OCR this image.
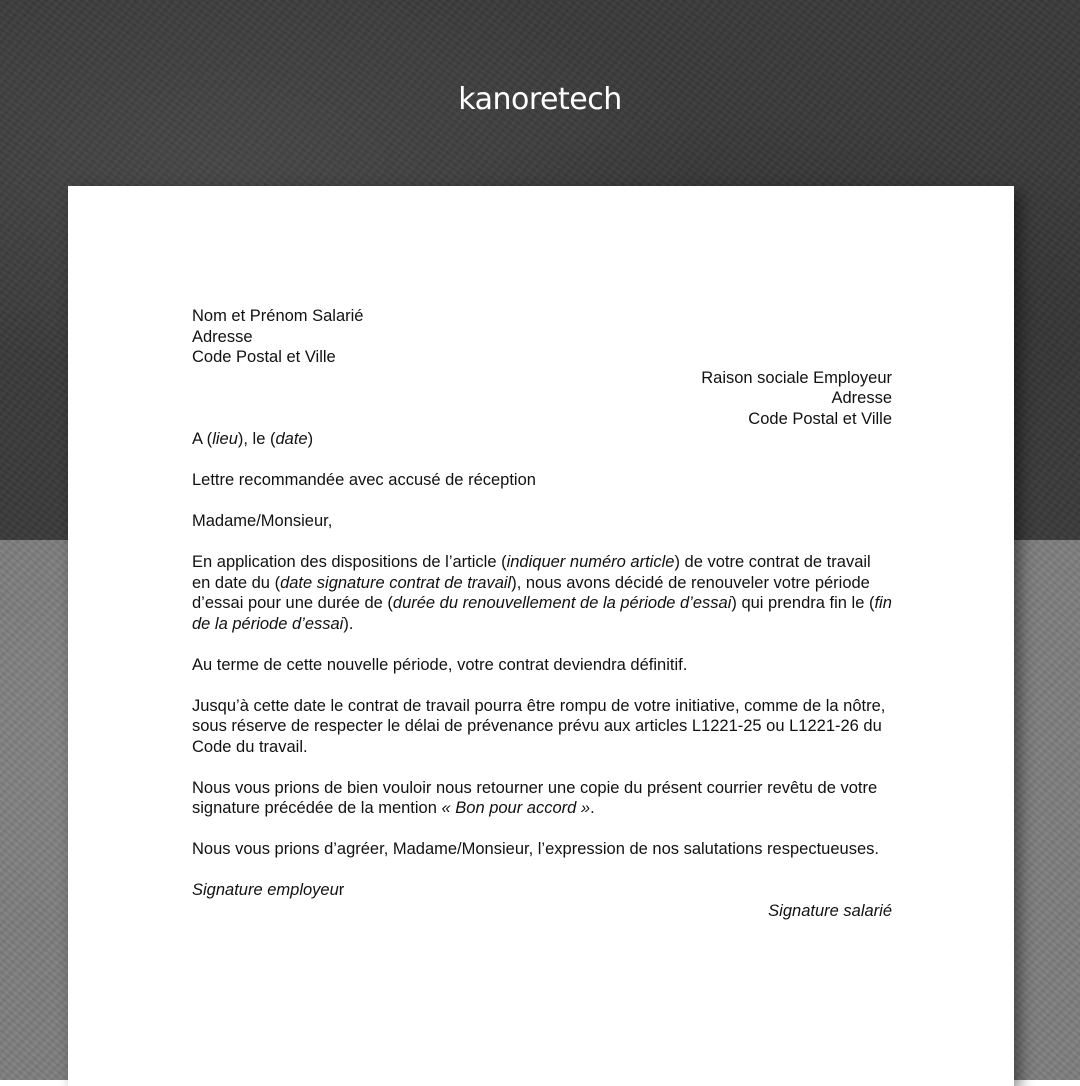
kanoretech

Nom et Prénom Salarié

Adresse

Code Postal et Ville

Raison sociale Employeur

Adresse

Code Postal et Ville

A (lieu), le (date)

Lettre recommandée avec accusé de réception

Madame/Monsieur,

En application des dispositions de l’article (indiquer numéro article) de votre contrat de travail en date du (date signature contrat de travail), nous avons décidé de renouveler votre période d’essai pour une durée de (durée du renouvellement de la période d’essai) qui prendra fin le (fin de la période d’essai).

Au terme de cette nouvelle période, votre contrat deviendra définitif.

Jusqu’à cette date le contrat de travail pourra être rompu de votre initiative, comme de la nôtre, sous réserve de respecter le délai de prévenance prévu aux articles L1221-25 ou L1221-26 du Code du travail.

Nous vous prions de bien vouloir nous retourner une copie du présent courrier revêtu de votre signature précédée de la mention « Bon pour accord ».

Nous vous prions d’agréer, Madame/Monsieur, l’expression de nos salutations respectueuses.

Signature employeur

Signature salarié
